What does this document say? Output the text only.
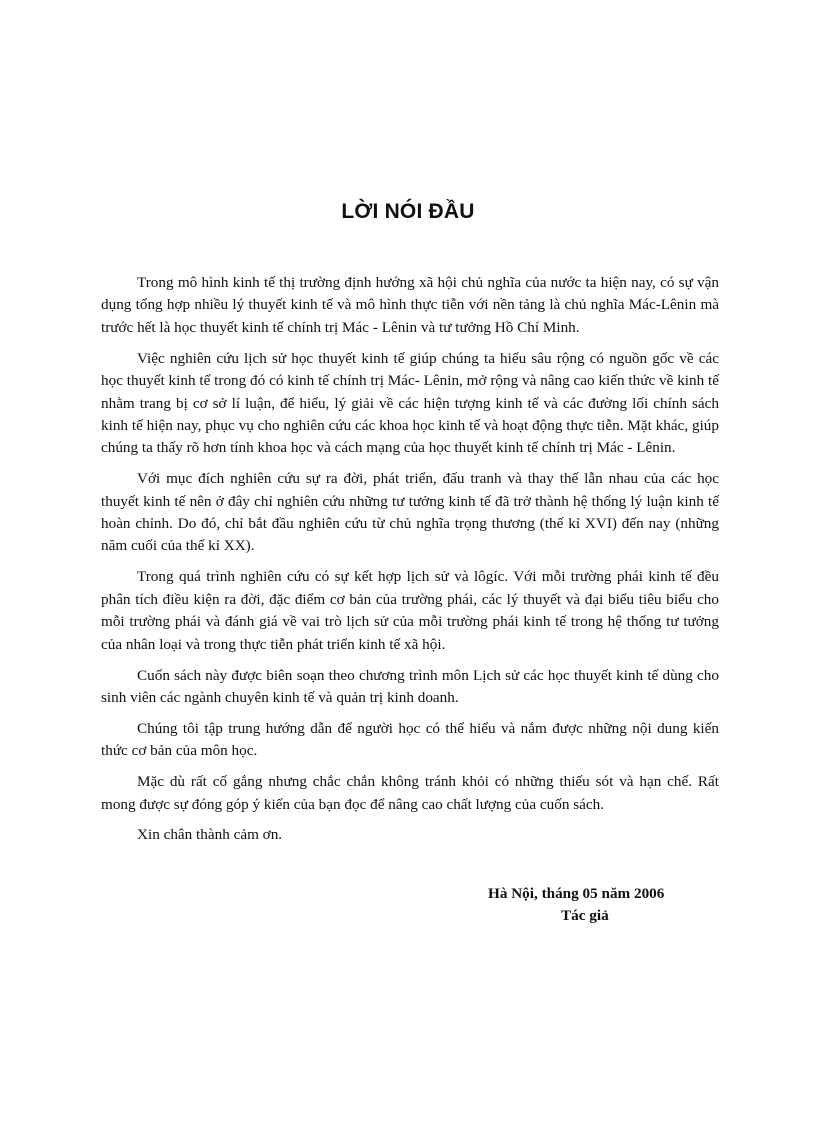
LỜI NÓI ĐẦU

Trong mô hình kinh tế thị trường định hướng xã hội chủ nghĩa của nước ta hiện nay, có sự vận dụng tổng hợp nhiều lý thuyết kinh tế và mô hình thực tiễn với nền tảng là chủ nghĩa Mác-Lênin mà trước hết là học thuyết kinh tế chính trị Mác - Lênin và tư tưởng Hồ Chí Minh.

Việc nghiên cứu lịch sử học thuyết kinh tế giúp chúng ta hiểu sâu rộng có nguồn gốc về các học thuyết kinh tế trong đó có kinh tế chính trị Mác- Lênin, mở rộng và nâng cao kiến thức về kinh tế nhằm trang bị cơ sở lí luận, để hiểu, lý giải về các hiện tượng kinh tế và các đường lối chính sách kinh tế hiện nay, phục vụ cho nghiên cứu các khoa học kinh tế và hoạt động thực tiễn. Mặt khác, giúp chúng ta thấy rõ hơn tính khoa học và cách mạng của học thuyết kinh tế chính trị Mác - Lênin.

Với mục đích nghiên cứu sự ra đời, phát triển, đấu tranh và thay thế lẫn nhau của các học thuyết kinh tế nên ở đây chỉ nghiên cứu những tư tưởng kinh tế đã trở thành hệ thống lý luận kinh tế hoàn chỉnh. Do đó, chỉ bắt đầu nghiên cứu từ chủ nghĩa trọng thương (thế kỉ XVI) đến nay (những năm cuối của thế kỉ XX).

Trong quá trình nghiên cứu có sự kết hợp lịch sử và lôgíc. Với mỗi trường phái kinh tế đều phân tích điều kiện ra đời, đặc điểm cơ bản của trường phái, các lý thuyết và đại biểu tiêu biểu cho mỗi trường phái và đánh giá về vai trò lịch sử của mỗi trường phái kinh tế trong hệ thống tư tưởng của nhân loại và trong thực tiễn phát triển kinh tế xã hội.

Cuốn sách này được biên soạn theo chương trình môn Lịch sử các học thuyết kinh tế dùng cho sinh viên các ngành chuyên kinh tế và quản trị kinh doanh.

Chúng tôi tập trung hướng dẫn để người học có thể hiểu và nắm được những nội dung kiến thức cơ bản của môn học.

Mặc dù rất cố gắng nhưng chắc chắn không tránh khỏi có những thiếu sót và hạn chế. Rất mong được sự đóng góp ý kiến của bạn đọc để nâng cao chất lượng của cuốn sách.

Xin chân thành cảm ơn.

Hà Nội, tháng 05 năm 2006
Tác giả
